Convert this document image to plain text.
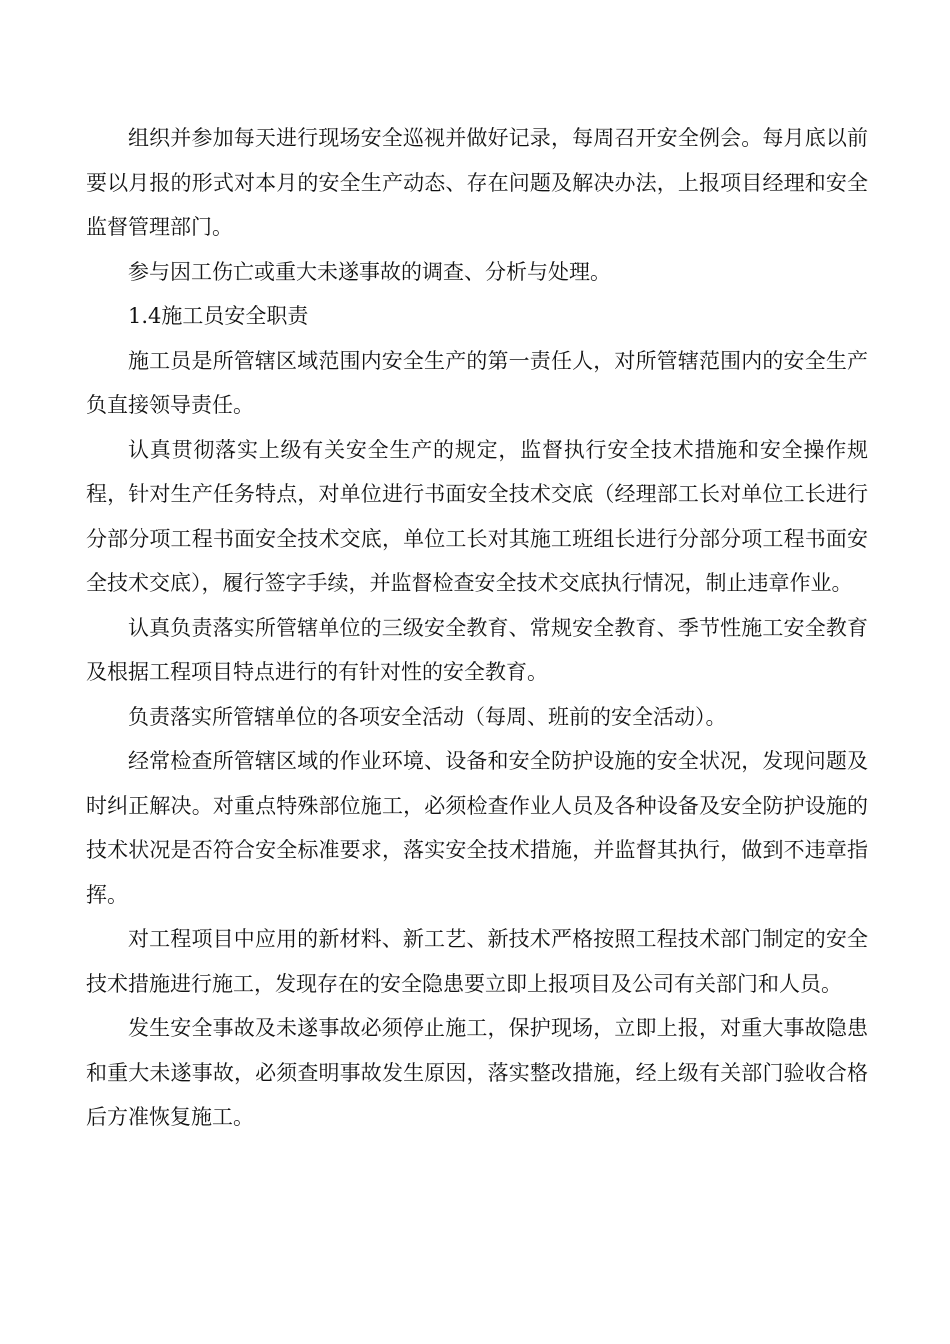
组织并参加每天进行现场安全巡视并做好记录，每周召开安全例会。每月底以前要以月报的形式对本月的安全生产动态、存在问题及解决办法，上报项目经理和安全监督管理部门。

参与因工伤亡或重大未遂事故的调查、分析与处理。

1.4施工员安全职责

施工员是所管辖区域范围内安全生产的第一责任人，对所管辖范围内的安全生产负直接领导责任。

认真贯彻落实上级有关安全生产的规定，监督执行安全技术措施和安全操作规程，针对生产任务特点，对单位进行书面安全技术交底（经理部工长对单位工长进行分部分项工程书面安全技术交底，单位工长对其施工班组长进行分部分项工程书面安全技术交底），履行签字手续，并监督检查安全技术交底执行情况，制止违章作业。

认真负责落实所管辖单位的三级安全教育、常规安全教育、季节性施工安全教育及根据工程项目特点进行的有针对性的安全教育。

负责落实所管辖单位的各项安全活动（每周、班前的安全活动）。

经常检查所管辖区域的作业环境、设备和安全防护设施的安全状况，发现问题及时纠正解决。对重点特殊部位施工，必须检查作业人员及各种设备及安全防护设施的技术状况是否符合安全标准要求，落实安全技术措施，并监督其执行，做到不违章指挥。

对工程项目中应用的新材料、新工艺、新技术严格按照工程技术部门制定的安全技术措施进行施工，发现存在的安全隐患要立即上报项目及公司有关部门和人员。

发生安全事故及未遂事故必须停止施工，保护现场，立即上报，对重大事故隐患和重大未遂事故，必须查明事故发生原因，落实整改措施，经上级有关部门验收合格后方准恢复施工。
